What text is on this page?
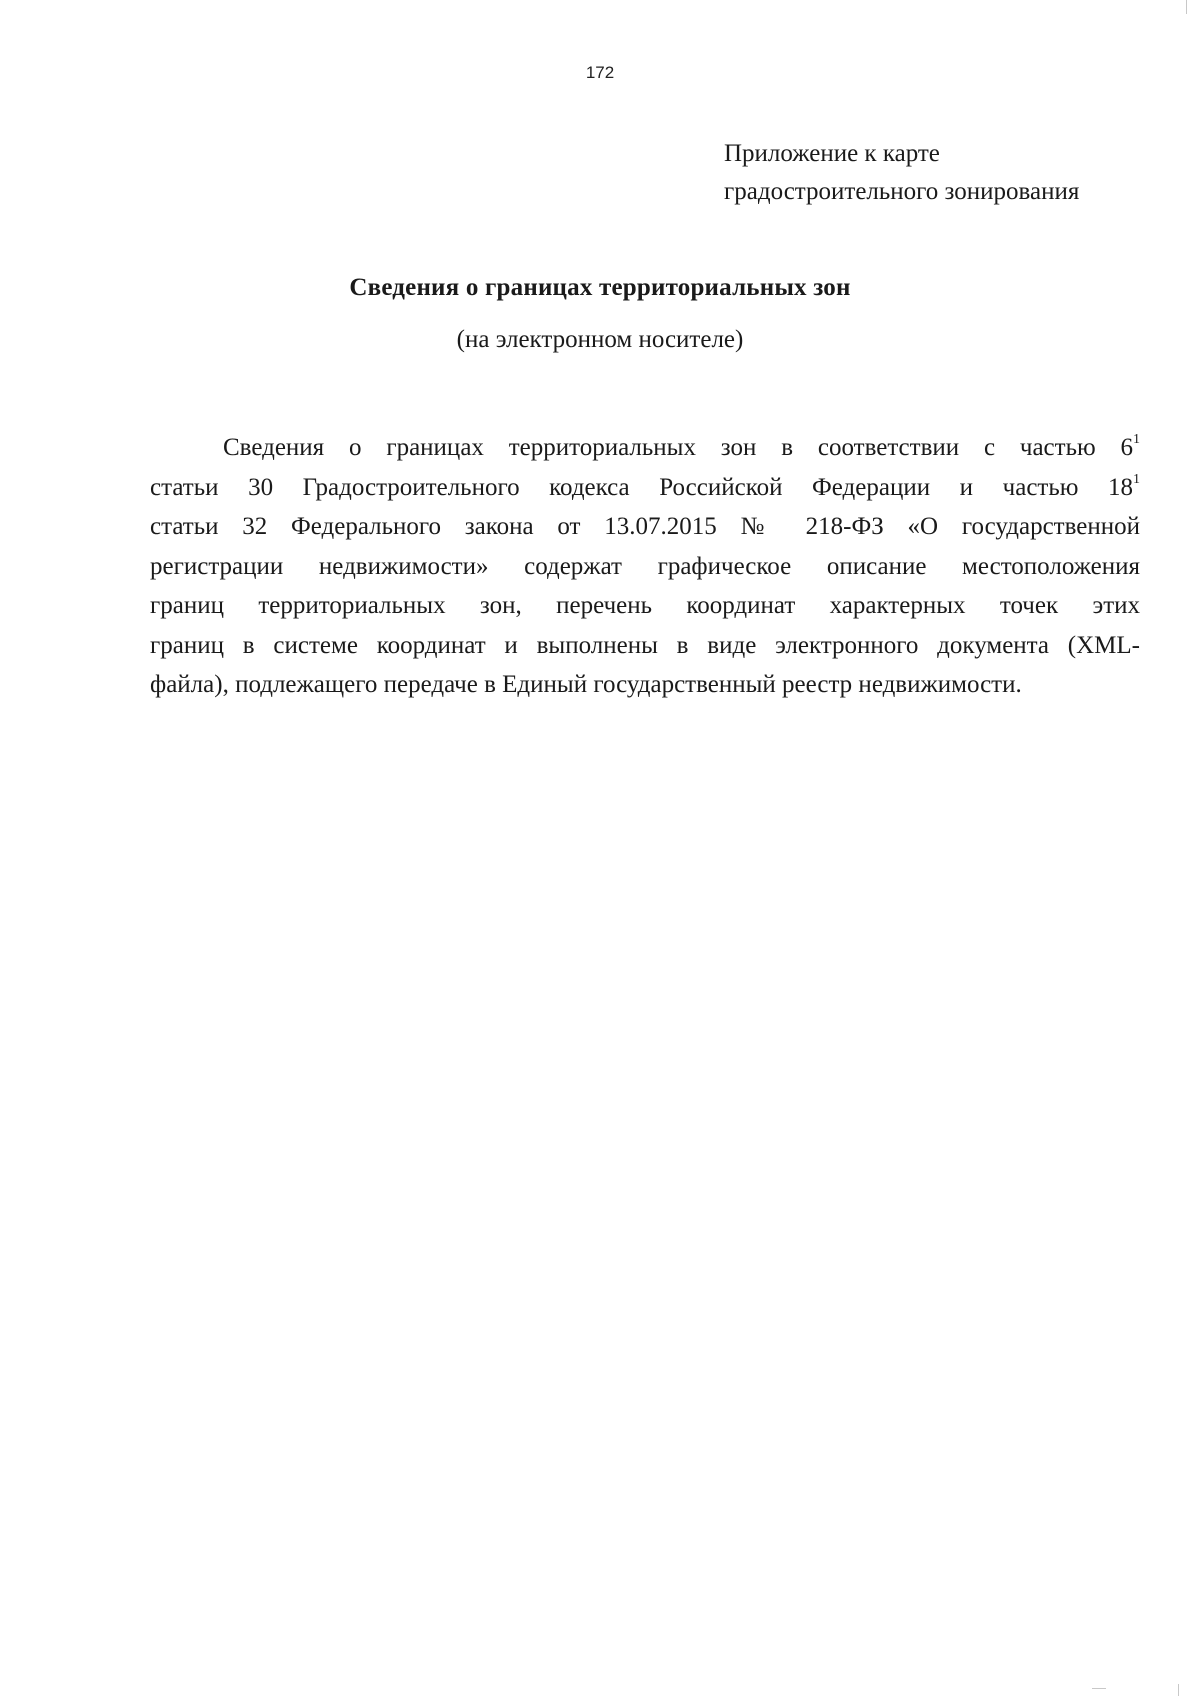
172
Приложение к карте
градостроительного зонирования
Сведения о границах территориальных зон
(на электронном носителе)
Сведения о границах территориальных зон в соответствии с частью $6^1$
статьи 30 Градостроительного кодекса Российской Федерации и частью $18^1$
статьи 32 Федерального закона от 13.07.2015 № 218-ФЗ «О государственной
регистрации недвижимости» содержат графическое описание местоположения
границ территориальных зон, перечень координат характерных точек этих
границ в системе координат и выполнены в виде электронного документа (XML-
файла), подлежащего передаче в Единый государственный реестр недвижимости.
